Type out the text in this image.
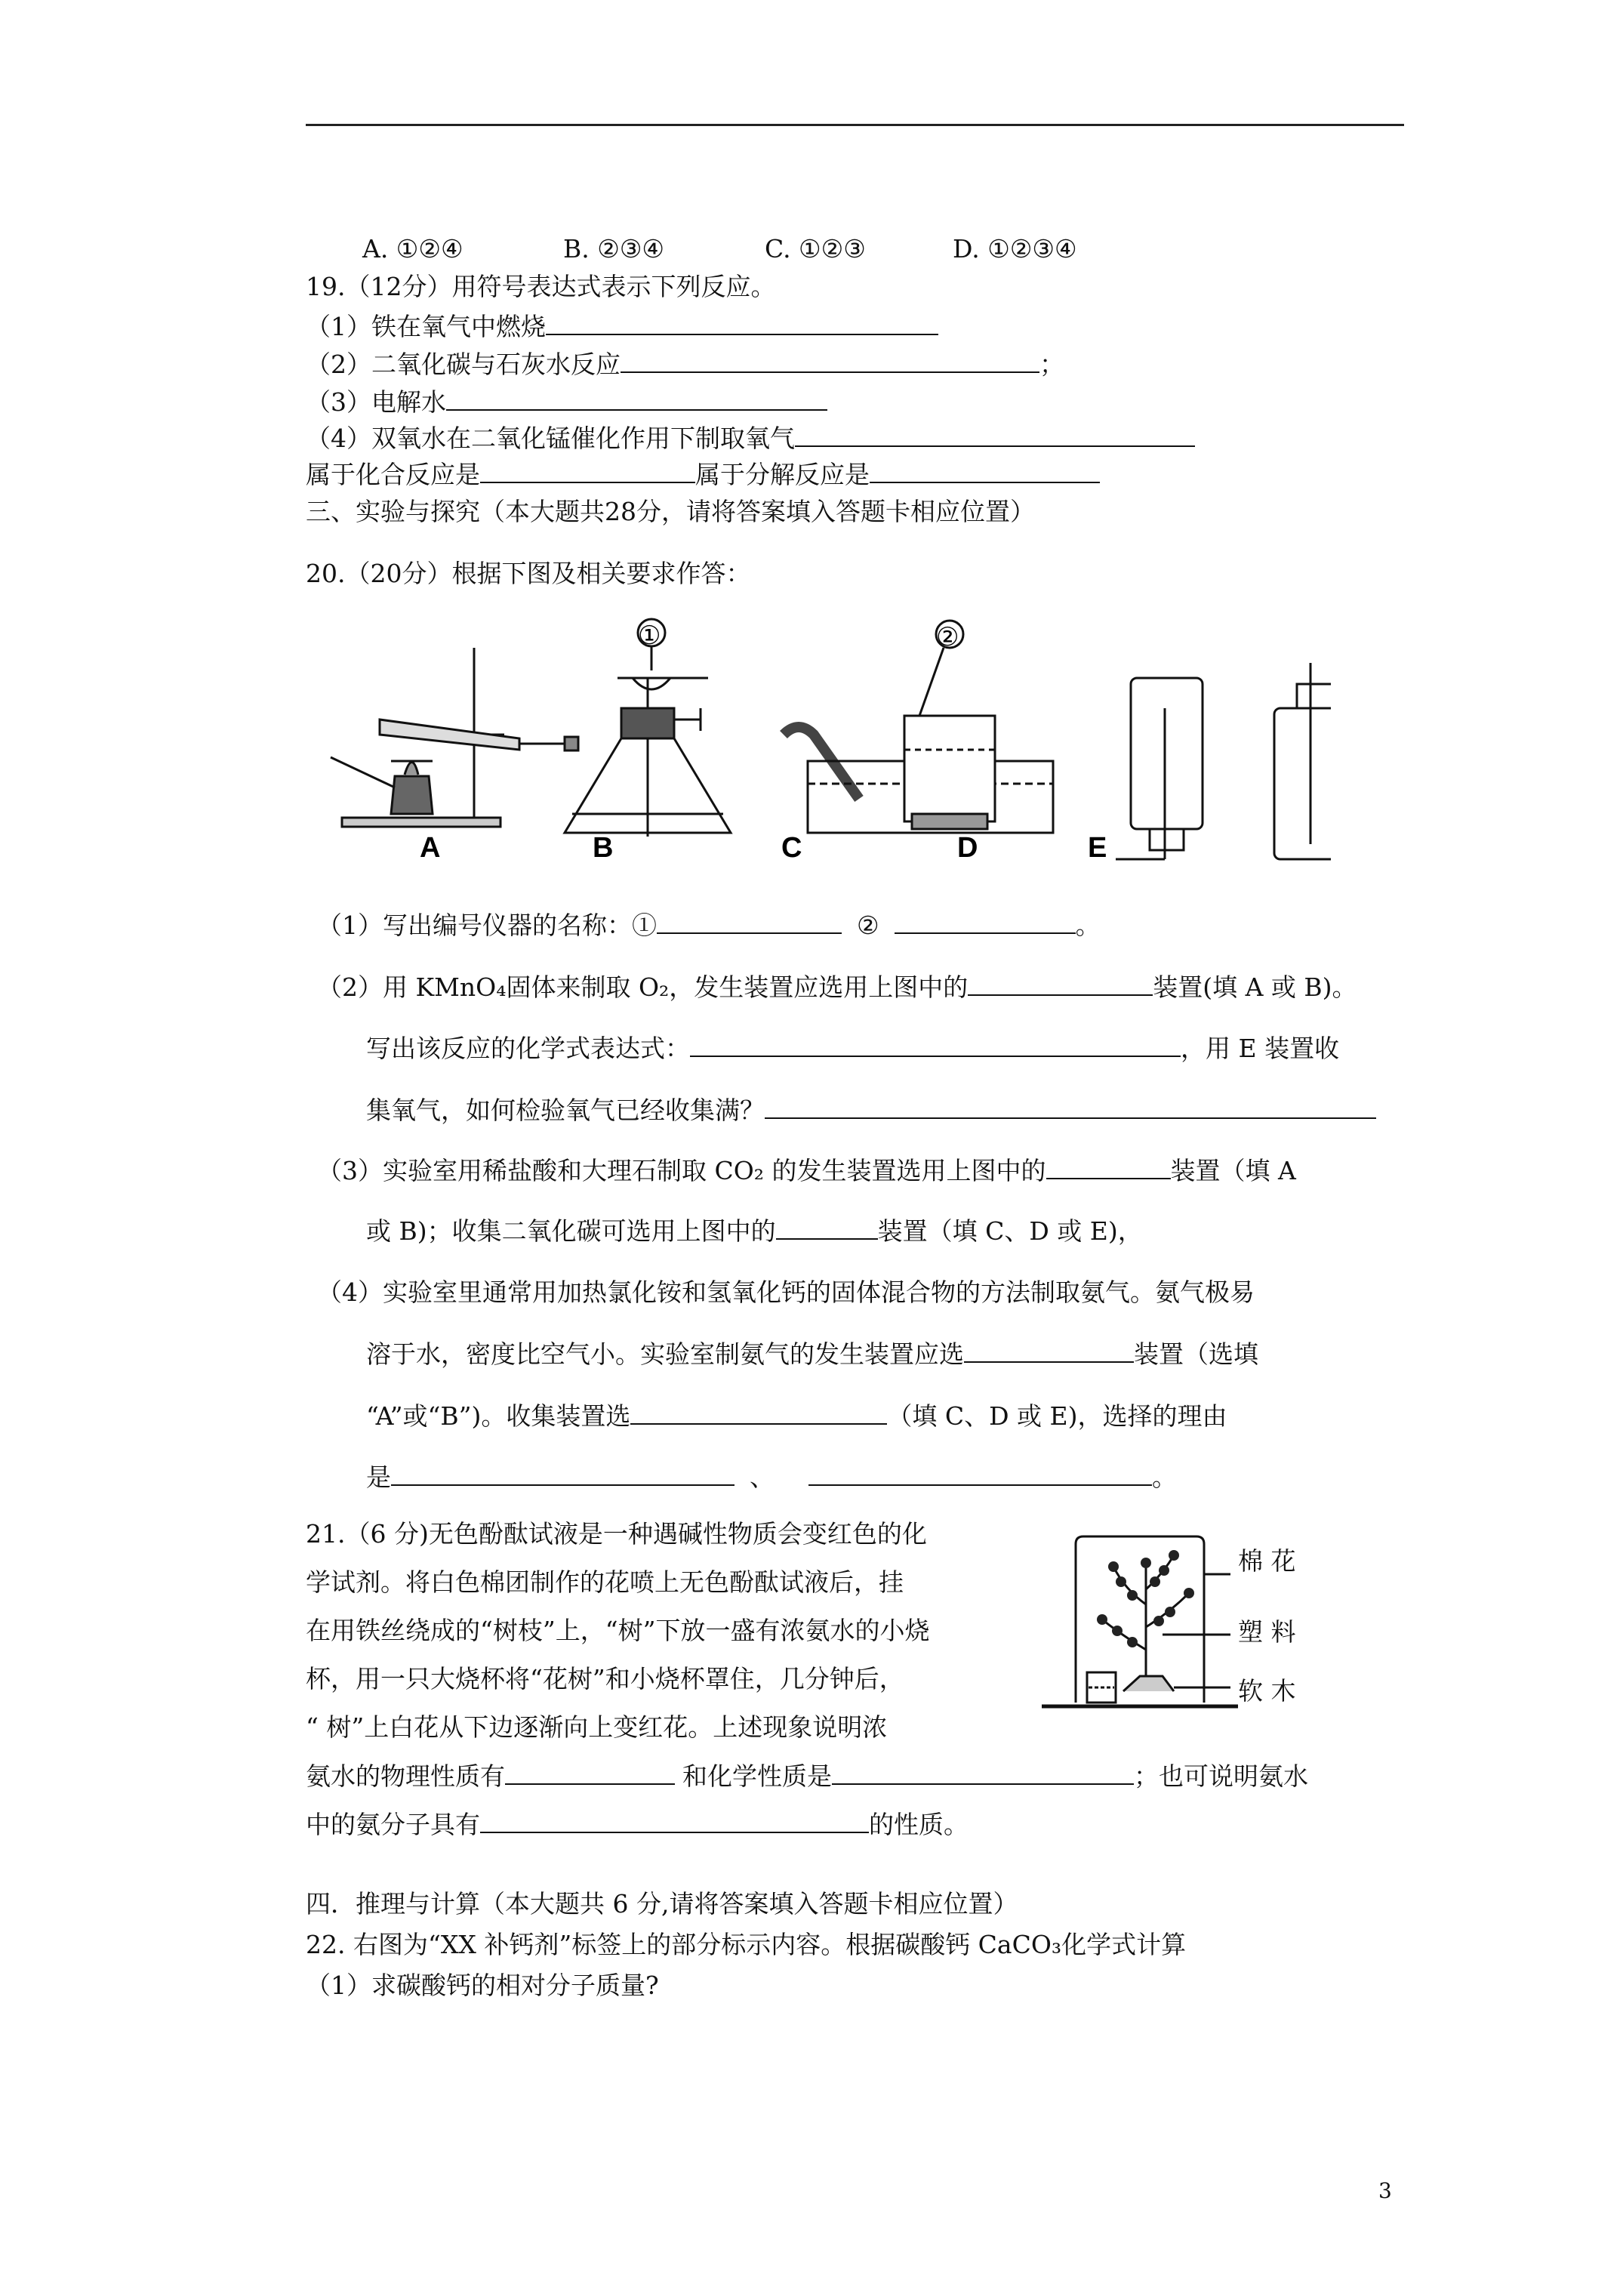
A. ①②④	B. ②③④	C. ①②③	D. ①②③④
19.（12分）用符号表达式表示下列反应。
（1）铁在氧气中燃烧
（2）二氧化碳与石灰水反应	；
（3）电解水
（4）双氧水在二氧化锰催化作用下制取氧气
属于化合反应是	属于分解反应是
三、实验与探究（本大题共28分，请将答案填入答题卡相应位置）
20.（20分）根据下图及相关要求作答：
①	②
A	B	C	D	E
（1）写出编号仪器的名称：①	②	。
（2）用 KMnO₄固体来制取 O₂，发生装置应选用上图中的	装置(填 A 或 B)。
写出该反应的化学式表达式：	，用 E 装置收
集氧气，如何检验氧气已经收集满？
（3）实验室用稀盐酸和大理石制取 CO₂ 的发生装置选用上图中的	装置（填 A
或 B)；收集二氧化碳可选用上图中的	装置（填 C、D 或 E)，
（4）实验室里通常用加热氯化铵和氢氧化钙的固体混合物的方法制取氨气。氨气极易
溶于水，密度比空气小。实验室制氨气的发生装置应选	装置（选填
“A”或“B”)。收集装置选	（填 C、D 或 E)，选择的理由
是	、	。
21.（6 分)无色酚酞试液是一种遇碱性物质会变红色的化
学试剂。将白色棉团制作的花喷上无色酚酞试液后，挂
在用铁丝绕成的“树枝”上，“树”下放一盛有浓氨水的小烧
杯，用一只大烧杯将“花树”和小烧杯罩住，几分钟后，
“ 树”上白花从下边逐渐向上变红花。上述现象说明浓
氨水的物理性质有	和化学性质是	；也可说明氨水
中的氨分子具有	的性质。
棉 花
塑 料
软 木
四．推理与计算（本大题共 6 分,请将答案填入答题卡相应位置）
22. 右图为“XX 补钙剂”标签上的部分标示内容。根据碳酸钙 CaCO₃化学式计算
（1）求碳酸钙的相对分子质量?
3
